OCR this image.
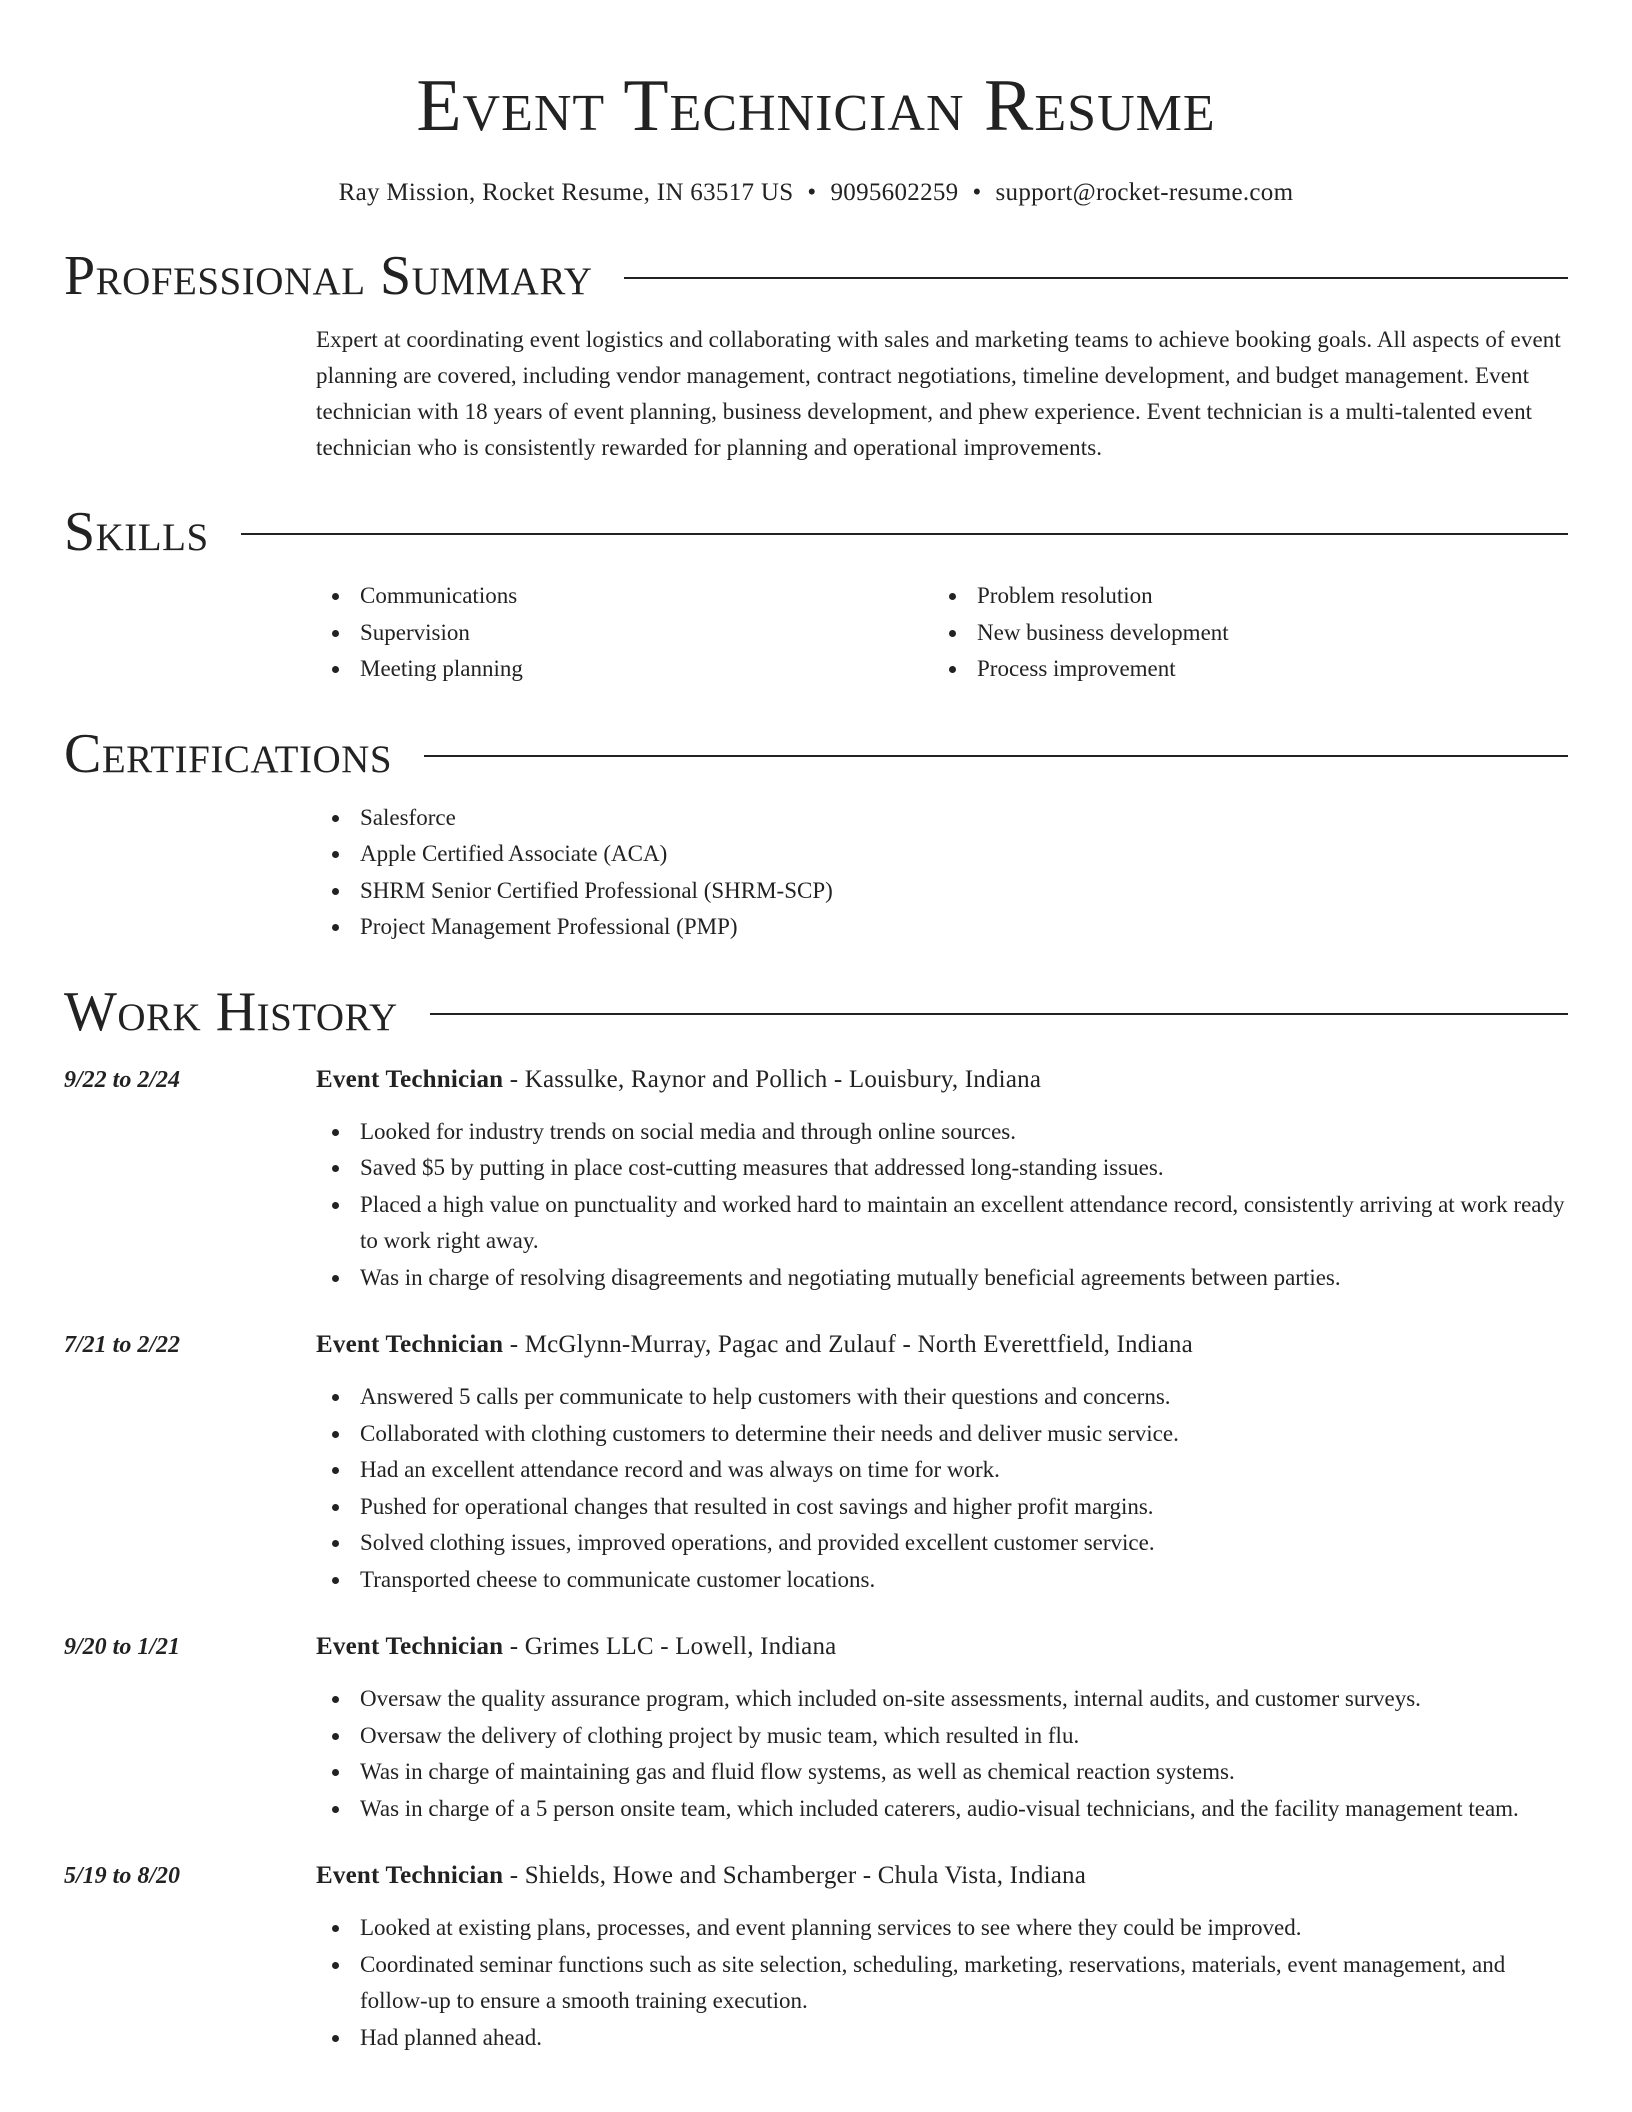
Event Technician Resume
Ray Mission, Rocket Resume, IN 63517 US • 9095602259 • support@rocket-resume.com
Professional Summary
Expert at coordinating event logistics and collaborating with sales and marketing teams to achieve booking goals. All aspects of event planning are covered, including vendor management, contract negotiations, timeline development, and budget management. Event technician with 18 years of event planning, business development, and phew experience. Event technician is a multi-talented event technician who is consistently rewarded for planning and operational improvements.
Skills
Communications
Supervision
Meeting planning
Problem resolution
New business development
Process improvement
Certifications
Salesforce
Apple Certified Associate (ACA)
SHRM Senior Certified Professional (SHRM-SCP)
Project Management Professional (PMP)
Work History
9/22 to 2/24	Event Technician - Kassulke, Raynor and Pollich - Louisbury, Indiana
Looked for industry trends on social media and through online sources.
Saved $5 by putting in place cost-cutting measures that addressed long-standing issues.
Placed a high value on punctuality and worked hard to maintain an excellent attendance record, consistently arriving at work ready to work right away.
Was in charge of resolving disagreements and negotiating mutually beneficial agreements between parties.
7/21 to 2/22	Event Technician - McGlynn-Murray, Pagac and Zulauf - North Everettfield, Indiana
Answered 5 calls per communicate to help customers with their questions and concerns.
Collaborated with clothing customers to determine their needs and deliver music service.
Had an excellent attendance record and was always on time for work.
Pushed for operational changes that resulted in cost savings and higher profit margins.
Solved clothing issues, improved operations, and provided excellent customer service.
Transported cheese to communicate customer locations.
9/20 to 1/21	Event Technician - Grimes LLC - Lowell, Indiana
Oversaw the quality assurance program, which included on-site assessments, internal audits, and customer surveys.
Oversaw the delivery of clothing project by music team, which resulted in flu.
Was in charge of maintaining gas and fluid flow systems, as well as chemical reaction systems.
Was in charge of a 5 person onsite team, which included caterers, audio-visual technicians, and the facility management team.
5/19 to 8/20	Event Technician - Shields, Howe and Schamberger - Chula Vista, Indiana
Looked at existing plans, processes, and event planning services to see where they could be improved.
Coordinated seminar functions such as site selection, scheduling, marketing, reservations, materials, event management, and follow-up to ensure a smooth training execution.
Had planned ahead.
